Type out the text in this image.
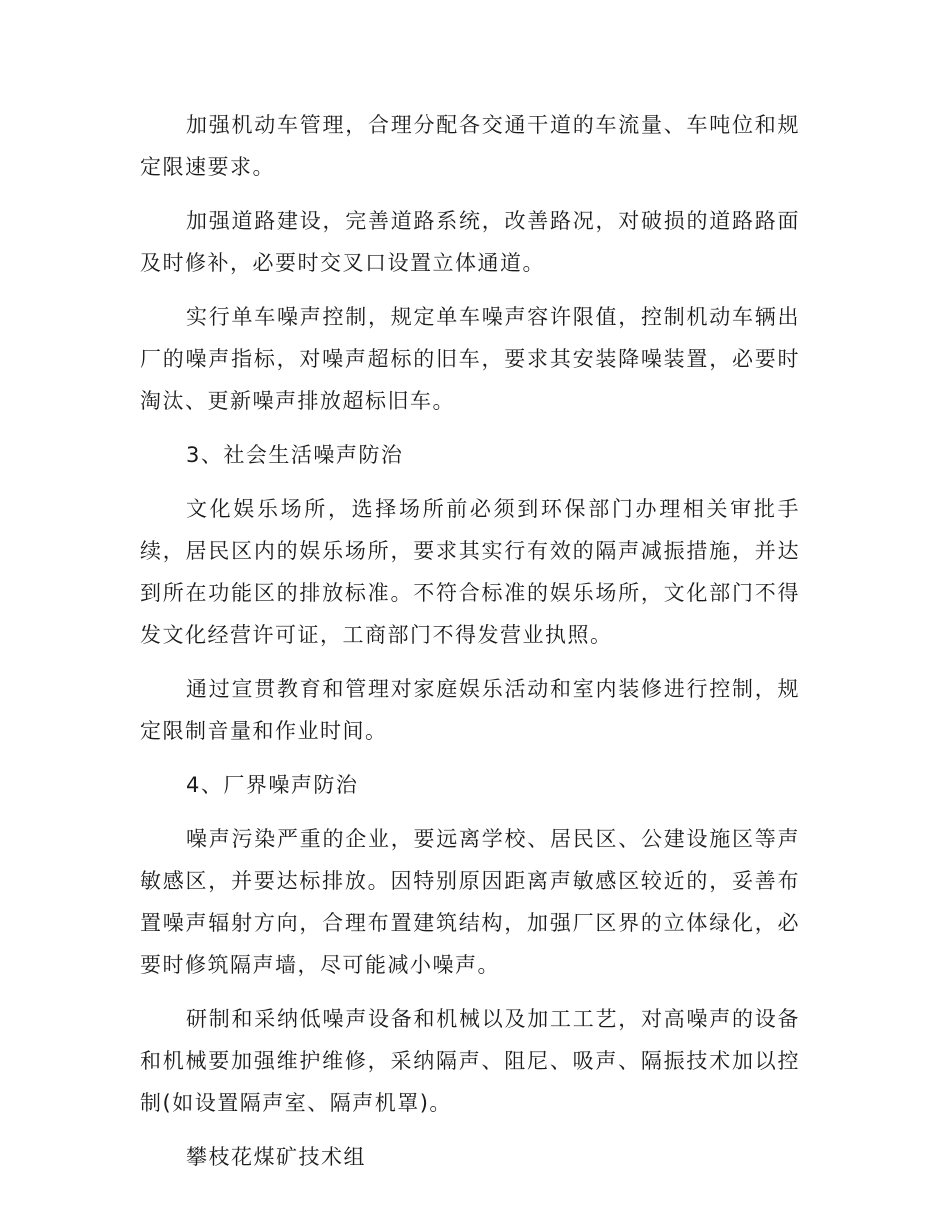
加强机动车管理，合理分配各交通干道的车流量、车吨位和规定限速要求。

加强道路建设，完善道路系统，改善路况，对破损的道路路面及时修补，必要时交叉口设置立体通道。

实行单车噪声控制，规定单车噪声容许限值，控制机动车辆出厂的噪声指标，对噪声超标的旧车，要求其安装降噪装置，必要时淘汰、更新噪声排放超标旧车。

3、社会生活噪声防治

文化娱乐场所，选择场所前必须到环保部门办理相关审批手续，居民区内的娱乐场所，要求其实行有效的隔声减振措施，并达到所在功能区的排放标准。不符合标准的娱乐场所，文化部门不得发文化经营许可证，工商部门不得发营业执照。

通过宣贯教育和管理对家庭娱乐活动和室内装修进行控制，规定限制音量和作业时间。

4、厂界噪声防治

噪声污染严重的企业，要远离学校、居民区、公建设施区等声敏感区，并要达标排放。因特别原因距离声敏感区较近的，妥善布置噪声辐射方向，合理布置建筑结构，加强厂区界的立体绿化，必要时修筑隔声墙，尽可能减小噪声。

研制和采纳低噪声设备和机械以及加工工艺，对高噪声的设备和机械要加强维护维修，采纳隔声、阻尼、吸声、隔振技术加以控制(如设置隔声室、隔声机罩)。

攀枝花煤矿技术组
